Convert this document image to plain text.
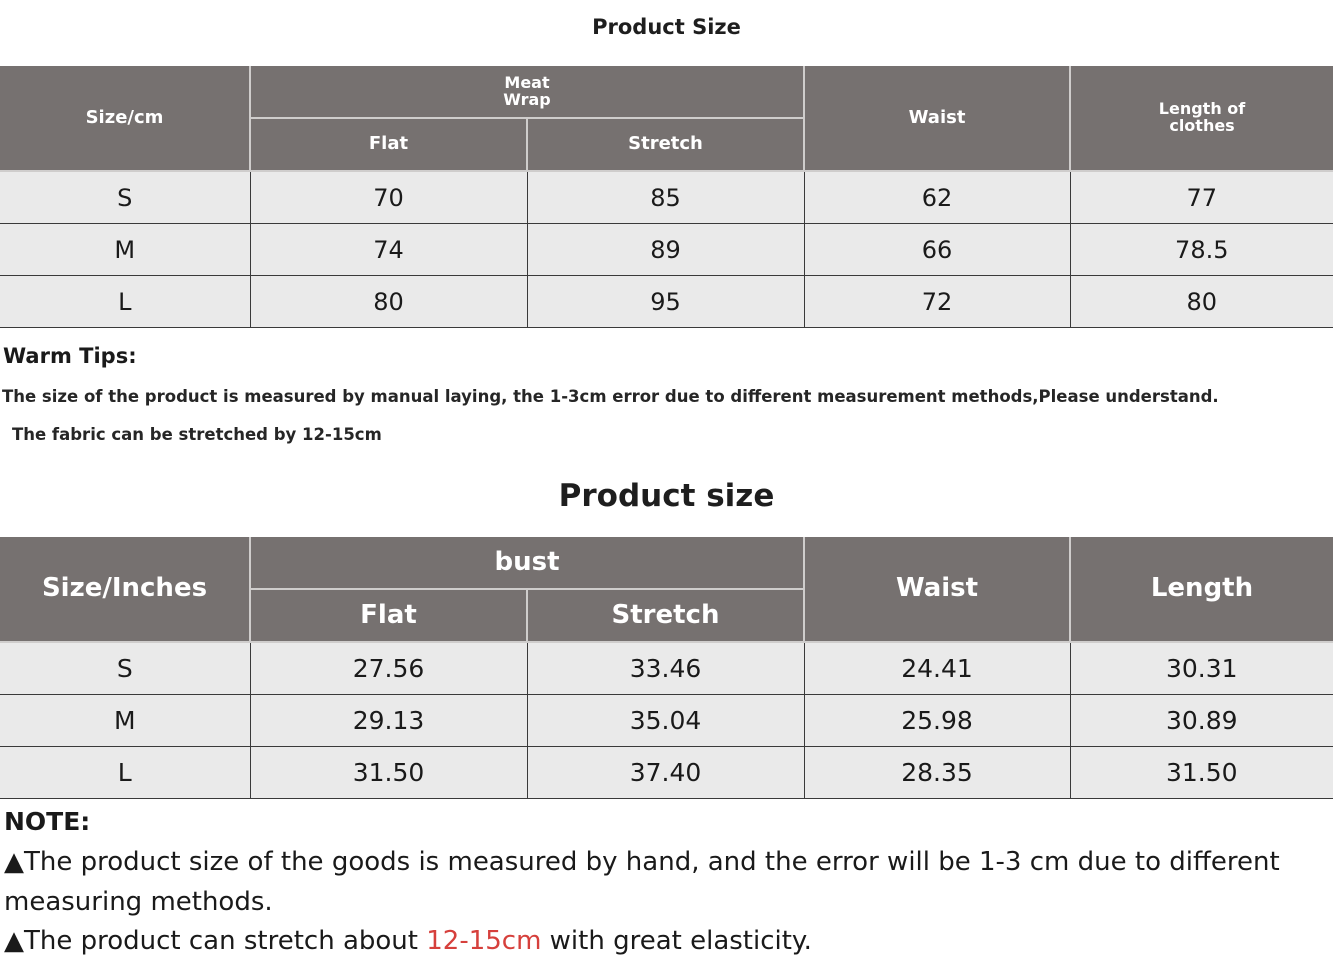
Product Size
Size/cm	Meat Wrap		Waist	Length of clothes
	Flat	Stretch		
S	70	85	62	77
M	74	89	66	78.5
L	80	95	72	80
Warm Tips:
The size of the product is measured by manual laying, the 1-3cm error due to different measurement methods,Please understand.
The fabric can be stretched by 12-15cm
Product size
Size/Inches	bust		Waist	Length
	Flat	Stretch		
S	27.56	33.46	24.41	30.31
M	29.13	35.04	25.98	30.89
L	31.50	37.40	28.35	31.50
NOTE:
▲The product size of the goods is measured by hand, and the error will be 1-3 cm due to different measuring methods.
▲The product can stretch about 12-15cm with great elasticity.
